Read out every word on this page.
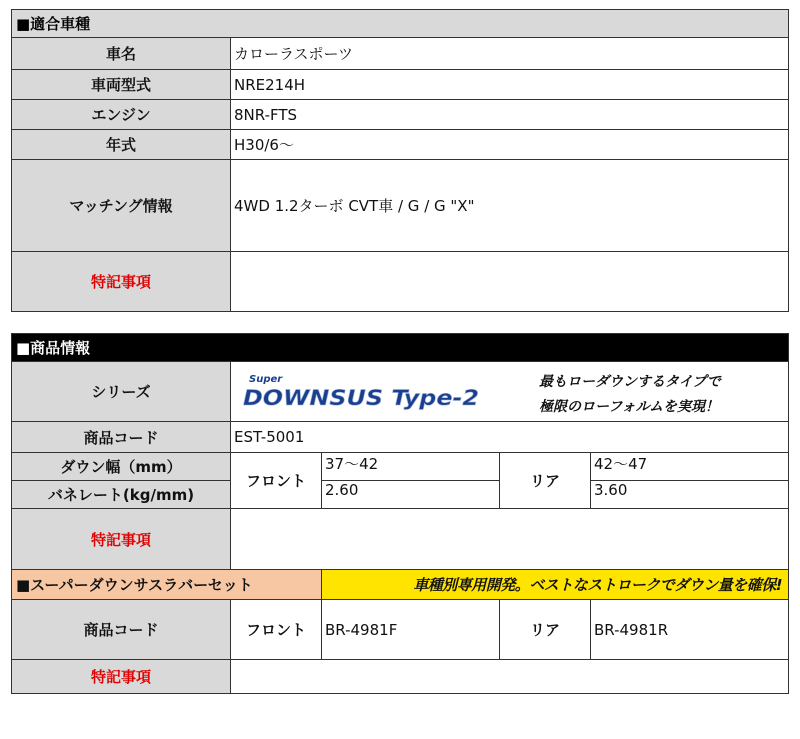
■適合車種	
車名	カローラスポーツ
車両型式	NRE214H
エンジン	8NR-FTS
年式	H30/6〜
マッチング情報	4WD 1.2ターボ CVT車 / G / G "X"
特記事項	
■商品情報				
シリーズ	Super
DOWNSUS Type-2
最もローダウンするタイプで
極限のローフォルムを実現！			

商品コード	EST-5001			
ダウン幅（mm）	フロント	37〜42	リア	42〜47
バネレート(kg/mm)		2.60		3.60
特記事項				
■スーパーダウンサスラバーセット		車種別専用開発。ベストなストロークでダウン量を確保!		
商品コード	フロント	BR-4981F	リア	BR-4981R
特記事項				
